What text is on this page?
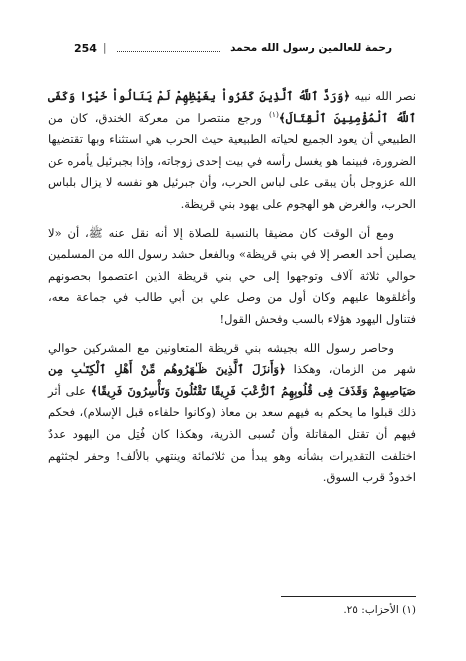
254 |	رحمة للعالمين رسول الله محمد

نصر الله نبيه ﴿وَرَدَّ ٱللَّهُ ٱلَّذِينَ كَفَرُواْ بِغَيْظِهِمْ لَمْ يَنَالُواْ خَيْرًا وَكَفَى ٱللَّهُ ٱلْمُؤْمِنِينَ ٱلْقِتَالَ﴾$^{(١)}$ ورجع منتصرا من معركة الخندق، كان من الطبيعي أن يعود الجميع لحياته الطبيعية حيث الحرب هي استثناء وبها تقتضيها الضرورة، فبينما هو يغسل رأسه في بيت إحدى زوجاته، وإذا بجبرئيل يأمره عن الله عزوجل بأن يبقى على لباس الحرب، وأن جبرئيل هو نفسه لا يزال بلباس الحرب، والغرض هو الهجوم على يهود بني قريظة.

ومع أن الوقت كان مضيقا بالنسبة للصلاة إلا أنه نقل عنه ﷺ، أن «لا يصلين أحد العصر إلا في بني قريظة» وبالفعل حشد رسول الله من المسلمين حوالي ثلاثة آلاف وتوجهوا إلى حي بني قريظة الذين اعتصموا بحصونهم وأغلقوها عليهم وكان أول من وصل علي بن أبي طالب في جماعة معه، فتناول اليهود هؤلاء بالسب وفحش القول!

وحاصر رسول الله بجيشه بني قريظة المتعاونين مع المشركين حوالي شهر من الزمان، وهكذا ﴿وَأَنزَلَ ٱلَّذِينَ ظَـٰهَرُوهُم مِّنْ أَهْلِ ٱلْكِتَـٰبِ مِن صَيَاصِيهِمْ وَقَذَفَ فِى قُلُوبِهِمُ ٱلرُّعْبَ فَرِيقًا تَقْتُلُونَ وَتَأْسِرُونَ فَرِيقًا﴾ على أثر ذلك قبلوا ما يحكم به فيهم سعد بن معاذ (وكانوا حلفاءه قبل الإسلام)، فحكم فيهم أن تقتل المقاتلة وأن تُسبى الذرية، وهكذا كان فُتِل من اليهود عددٌ اختلفت التقديرات بشأنه وهو يبدأ من ثلاثمائة وينتهي بالألف! وحفر لجثثهم اخدودٌ قرب السوق.

(١) الأحزاب: ٢٥.
